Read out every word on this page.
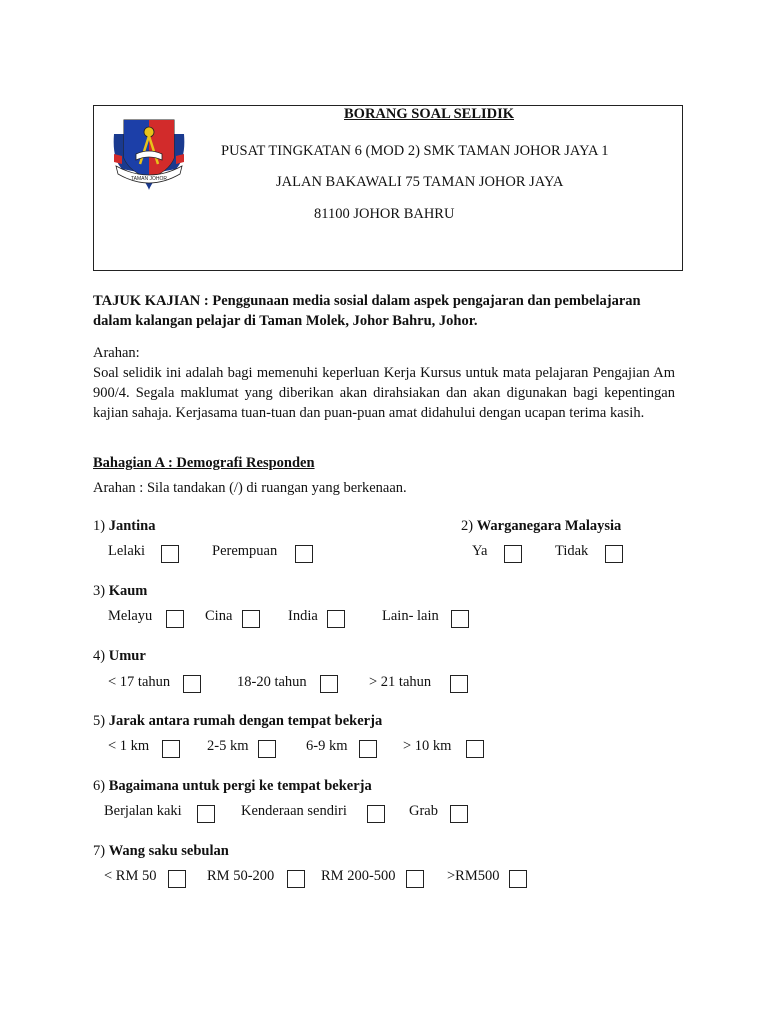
TAMAN JOHOR
BORANG SOAL SELIDIK
PUSAT TINGKATAN 6 (MOD 2) SMK TAMAN JOHOR JAYA 1
JALAN BAKAWALI 75 TAMAN JOHOR JAYA
81100 JOHOR BAHRU
TAJUK KAJIAN : Penggunaan media sosial dalam aspek pengajaran dan pembelajaran dalam kalangan pelajar di Taman Molek, Johor Bahru, Johor.
Arahan:
Soal selidik ini adalah bagi memenuhi keperluan Kerja Kursus untuk mata pelajaran Pengajian Am 900/4. Segala maklumat yang diberikan akan dirahsiakan dan akan digunakan bagi kepentingan kajian sahaja. Kerjasama tuan-tuan dan puan-puan amat didahului dengan ucapan terima kasih.
Bahagian A : Demografi Responden
Arahan : Sila tandakan (/) di ruangan yang berkenaan.
1) Jantina
Lelaki	Perempuan
2) Warganegara Malaysia
Ya	Tidak
3) Kaum
Melayu	Cina	India	Lain- lain
4) Umur
< 17 tahun	18-20 tahun	> 21 tahun
5) Jarak antara rumah dengan tempat bekerja
< 1 km	2-5 km	6-9 km	> 10 km
6) Bagaimana untuk pergi ke tempat bekerja
Berjalan kaki	Kenderaan sendiri	Grab
7) Wang saku sebulan
< RM 50	RM 50-200	RM 200-500	>RM500
